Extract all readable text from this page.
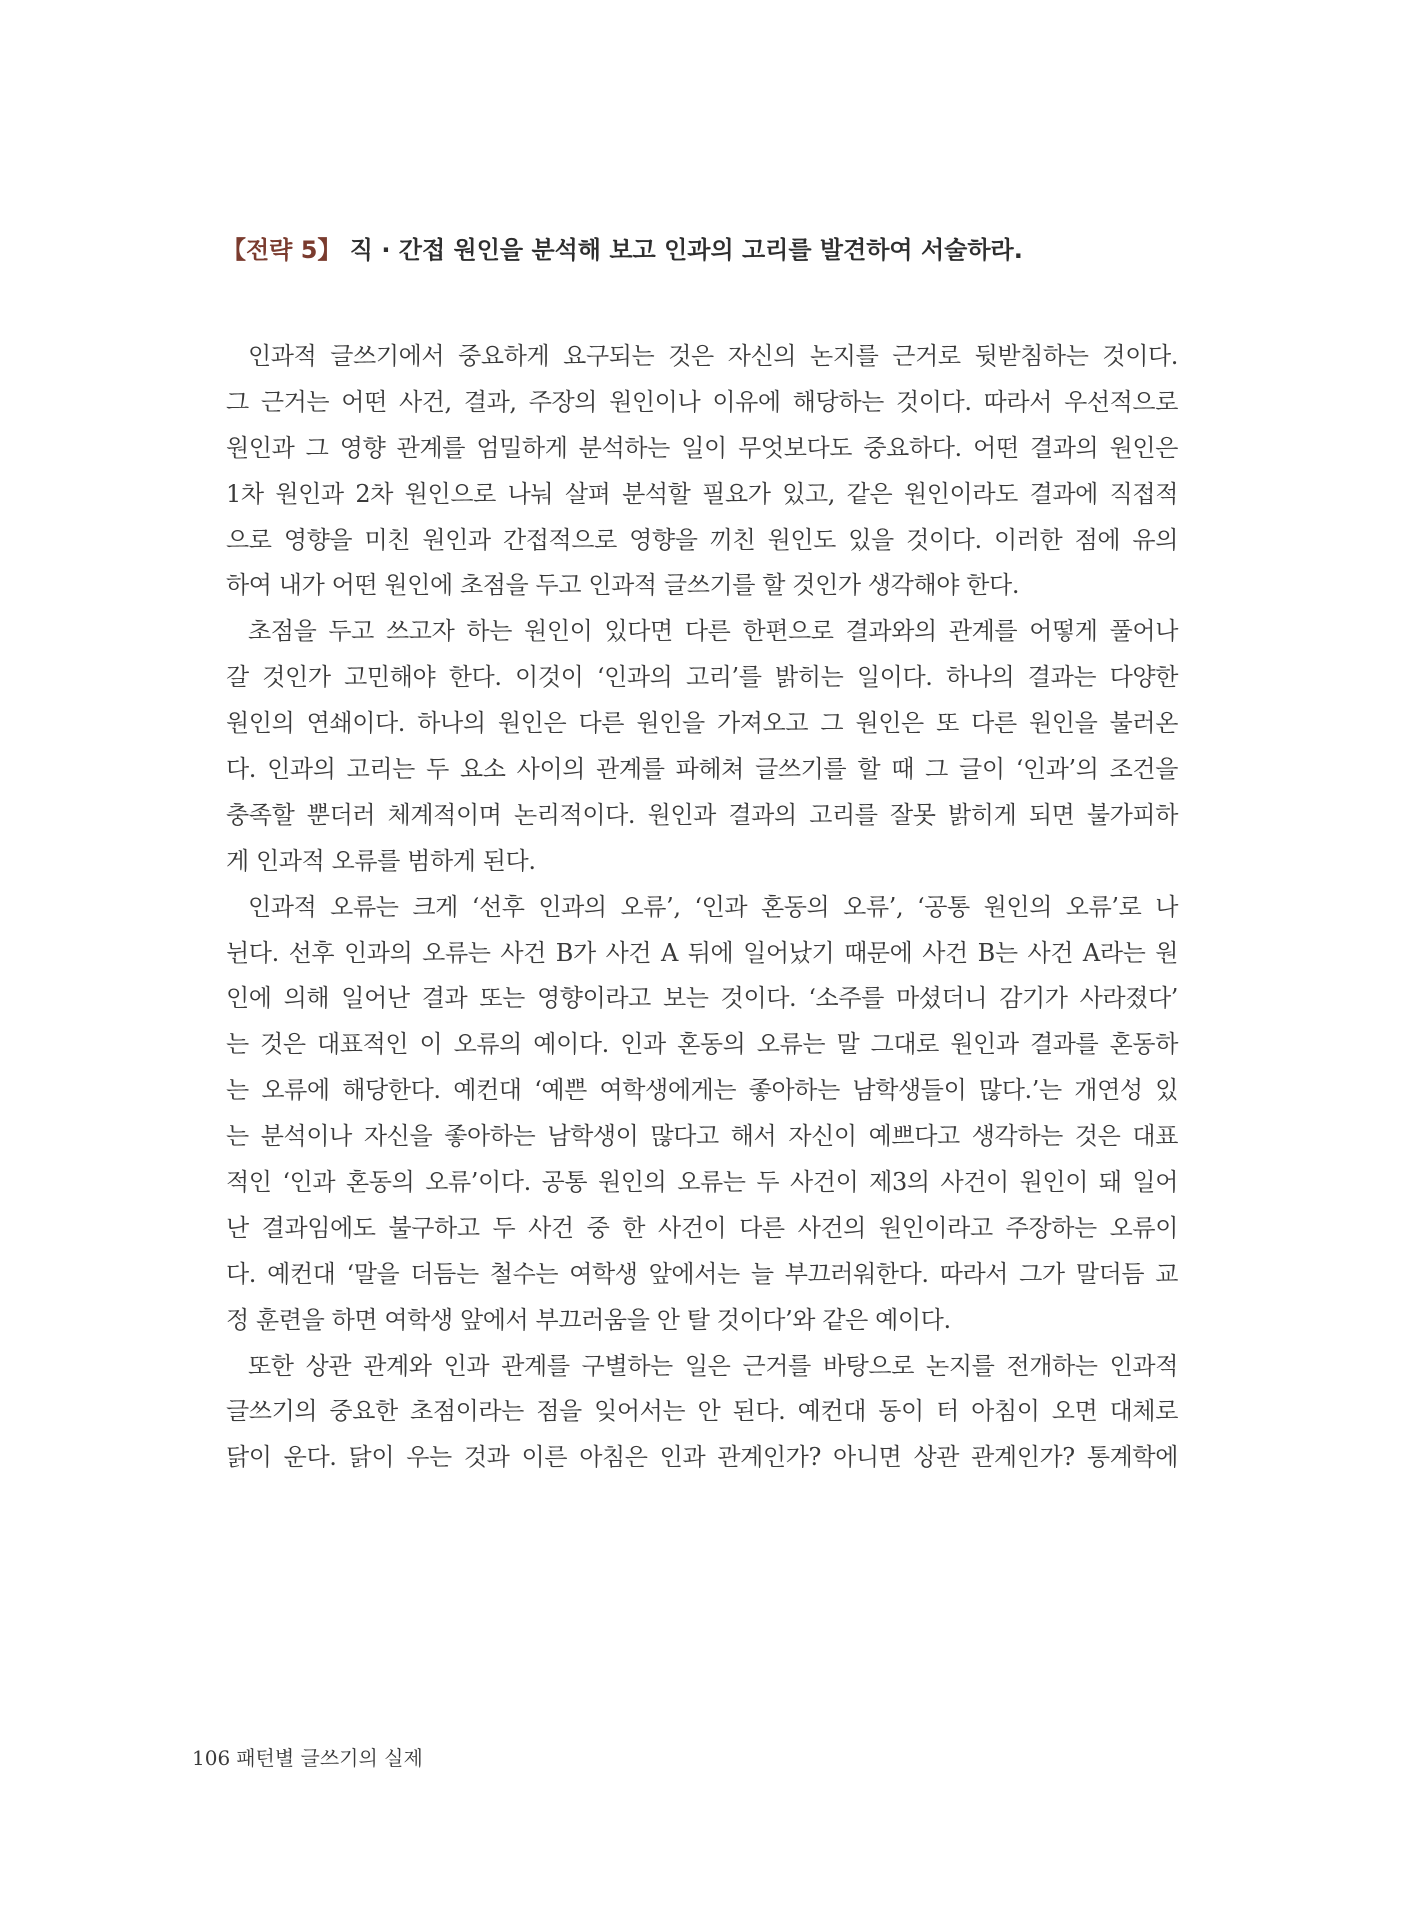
【전략 5】 직 · 간접 원인을 분석해 보고 인과의 고리를 발견하여 서술하라.
인과적 글쓰기에서 중요하게 요구되는 것은 자신의 논지를 근거로 뒷받침하는 것이다.
그 근거는 어떤 사건, 결과, 주장의 원인이나 이유에 해당하는 것이다. 따라서 우선적으로
원인과 그 영향 관계를 엄밀하게 분석하는 일이 무엇보다도 중요하다. 어떤 결과의 원인은
1차 원인과 2차 원인으로 나눠 살펴 분석할 필요가 있고, 같은 원인이라도 결과에 직접적
으로 영향을 미친 원인과 간접적으로 영향을 끼친 원인도 있을 것이다. 이러한 점에 유의
하여 내가 어떤 원인에 초점을 두고 인과적 글쓰기를 할 것인가 생각해야 한다.
초점을 두고 쓰고자 하는 원인이 있다면 다른 한편으로 결과와의 관계를 어떻게 풀어나
갈 것인가 고민해야 한다. 이것이 ‘인과의 고리’를 밝히는 일이다. 하나의 결과는 다양한
원인의 연쇄이다. 하나의 원인은 다른 원인을 가져오고 그 원인은 또 다른 원인을 불러온
다. 인과의 고리는 두 요소 사이의 관계를 파헤쳐 글쓰기를 할 때 그 글이 ‘인과’의 조건을
충족할 뿐더러 체계적이며 논리적이다. 원인과 결과의 고리를 잘못 밝히게 되면 불가피하
게 인과적 오류를 범하게 된다.
인과적 오류는 크게 ‘선후 인과의 오류’, ‘인과 혼동의 오류’, ‘공통 원인의 오류’로 나
뉜다. 선후 인과의 오류는 사건 B가 사건 A 뒤에 일어났기 때문에 사건 B는 사건 A라는 원
인에 의해 일어난 결과 또는 영향이라고 보는 것이다. ‘소주를 마셨더니 감기가 사라졌다’
는 것은 대표적인 이 오류의 예이다. 인과 혼동의 오류는 말 그대로 원인과 결과를 혼동하
는 오류에 해당한다. 예컨대 ‘예쁜 여학생에게는 좋아하는 남학생들이 많다.’는 개연성 있
는 분석이나 자신을 좋아하는 남학생이 많다고 해서 자신이 예쁘다고 생각하는 것은 대표
적인 ‘인과 혼동의 오류’이다. 공통 원인의 오류는 두 사건이 제3의 사건이 원인이 돼 일어
난 결과임에도 불구하고 두 사건 중 한 사건이 다른 사건의 원인이라고 주장하는 오류이
다. 예컨대 ‘말을 더듬는 철수는 여학생 앞에서는 늘 부끄러워한다. 따라서 그가 말더듬 교
정 훈련을 하면 여학생 앞에서 부끄러움을 안 탈 것이다’와 같은 예이다.
또한 상관 관계와 인과 관계를 구별하는 일은 근거를 바탕으로 논지를 전개하는 인과적
글쓰기의 중요한 초점이라는 점을 잊어서는 안 된다. 예컨대 동이 터 아침이 오면 대체로
닭이 운다. 닭이 우는 것과 이른 아침은 인과 관계인가? 아니면 상관 관계인가? 통계학에
106 패턴별 글쓰기의 실제
